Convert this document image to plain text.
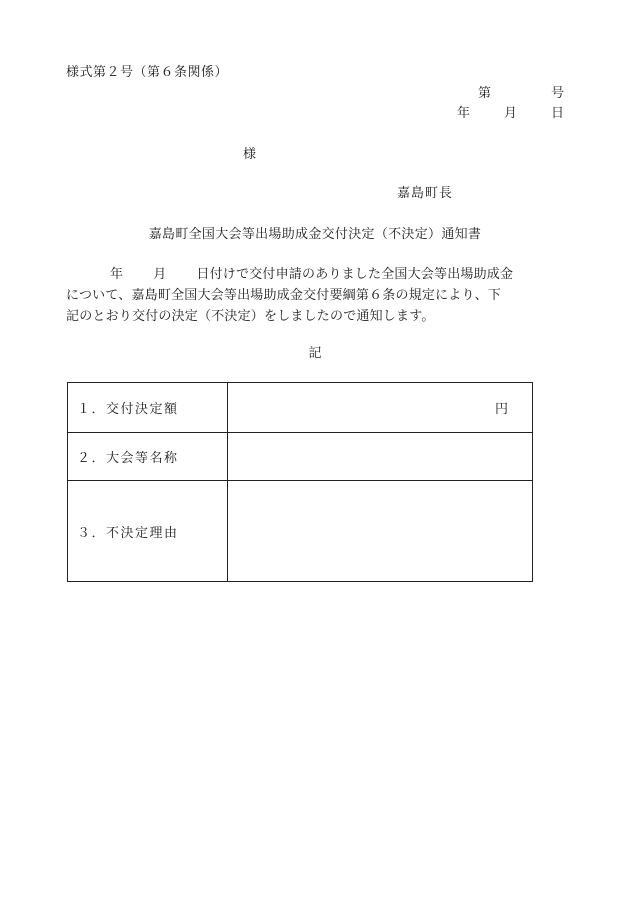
様式第２号（第６条関係）
第	号
年	月	日
様
嘉島町長
嘉島町全国大会等出場助成金交付決定（不決定）通知書
年 月 日付けで交付申請のありました全国大会等出場助成金
について、嘉島町全国大会等出場助成金交付要綱第６条の規定により、下
記のとおり交付の決定（不決定）をしましたので通知します。
記
１．交付決定額	円
２．大会等名称	
３．不決定理由	
